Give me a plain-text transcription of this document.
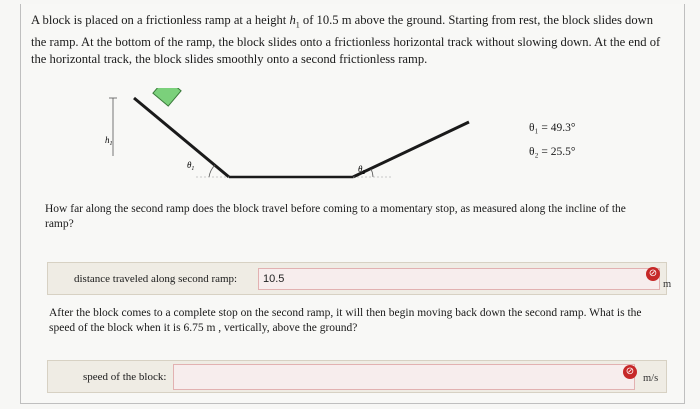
A block is placed on a frictionless ramp at a height $h_1$ of 10.5 m above the ground. Starting from rest, the block slides down the ramp. At the bottom of the ramp, the block slides onto a frictionless horizontal track without slowing down. At the end of the horizontal track, the block slides smoothly onto a second frictionless ramp.
$h_1$
$\theta_1$	$\theta_2$
θ₁ = 49.3°
θ₂ = 25.5°
How far along the second ramp does the block travel before coming to a momentary stop, as measured along the incline of the ramp?
distance traveled along second ramp:
10.5	⊘
m
After the block comes to a complete stop on the second ramp, it will then begin moving back down the second ramp. What is the speed of the block when it is 6.75 m , vertically, above the ground?
speed of the block:	⊘
m/s
